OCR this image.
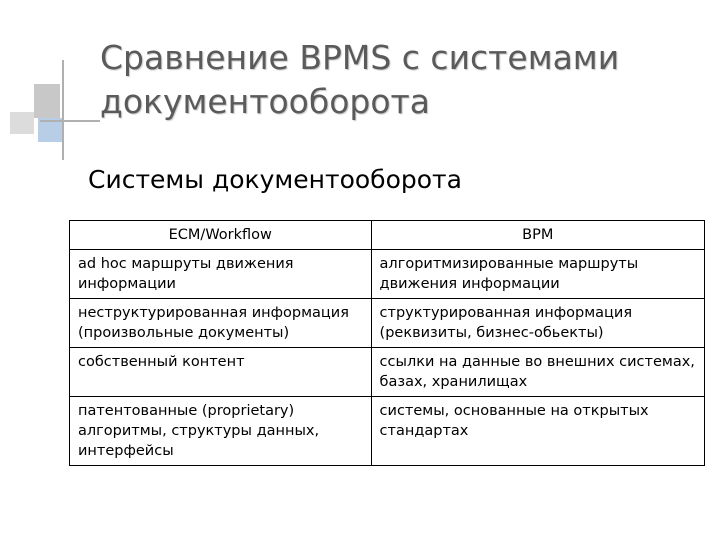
Сравнение BPMS с системами
документооборота
Системы документооборота
ECM/Workflow	BPM
ad hoc маршруты движения информации	алгоритмизированные маршруты движения информации
неструктурированная информация (произвольные документы)	структурированная информация (реквизиты, бизнес-обьекты)
собственный контент	ссылки на данные во внешних системах, базах, хранилищах
патентованные (proprietary) алгоритмы, структуры данных, интерфейсы	системы, основанные на открытых стандартах
